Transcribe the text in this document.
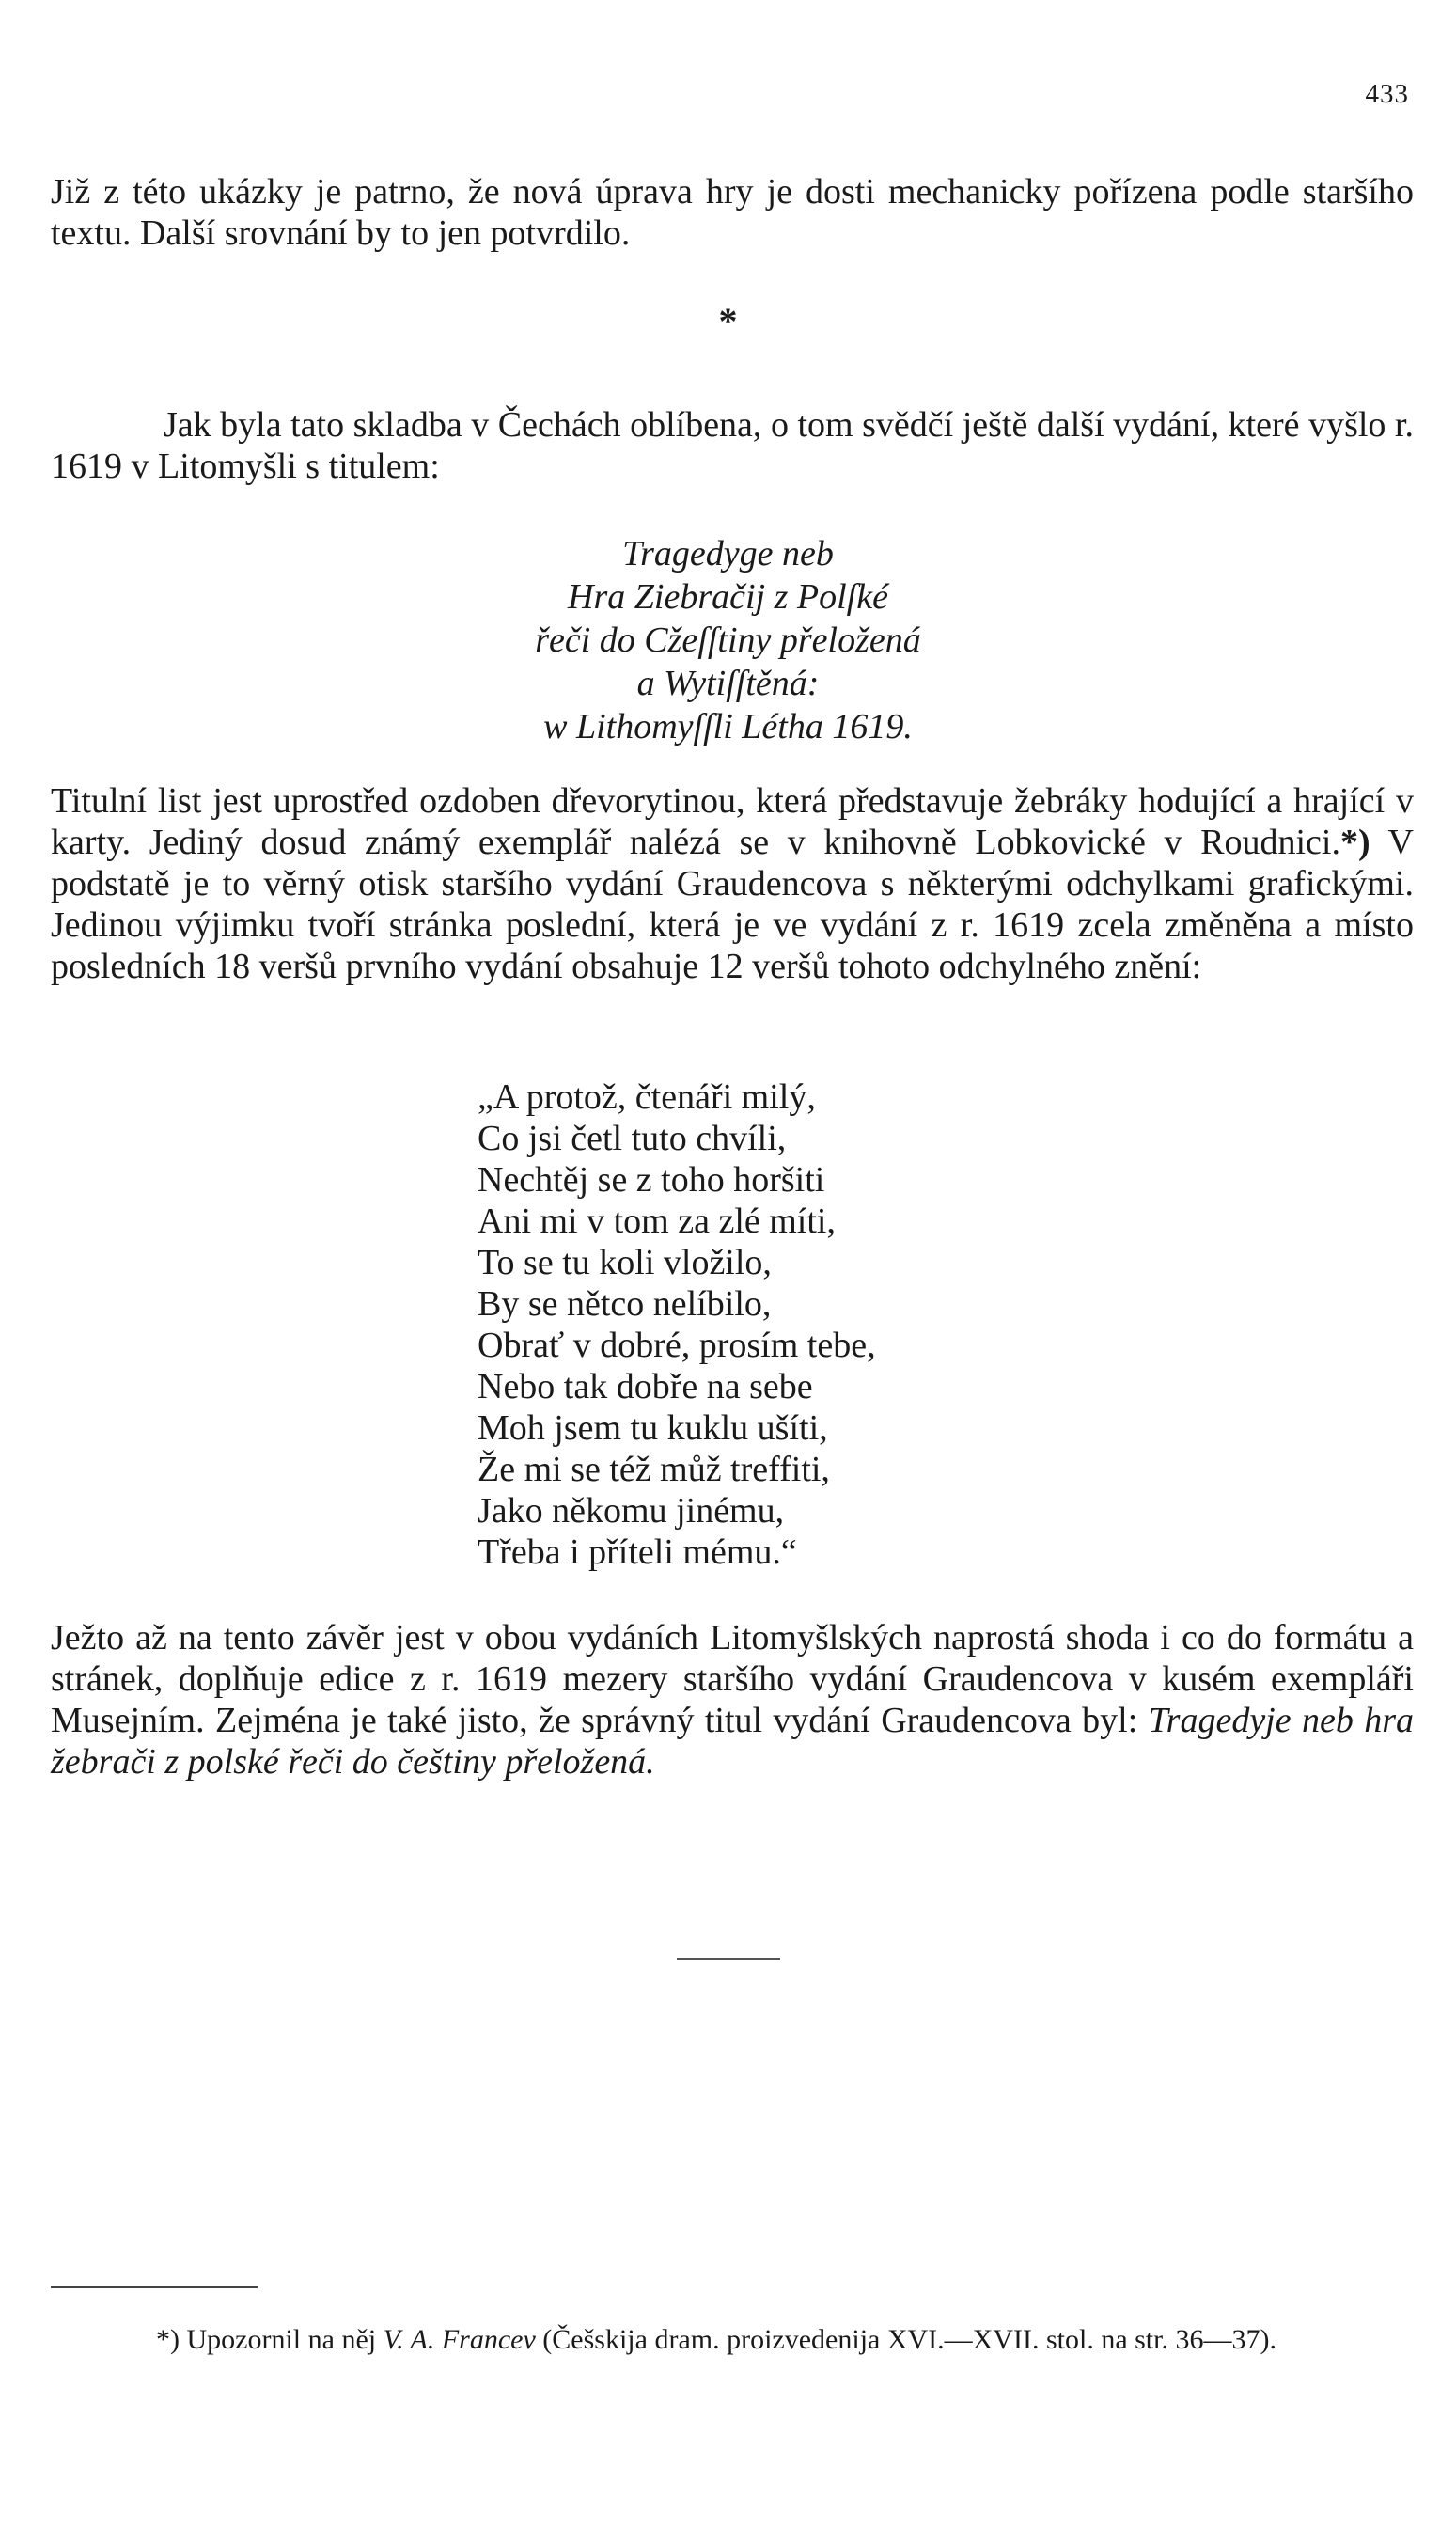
433

Již z této ukázky je patrno, že nová úprava hry je dosti mechanicky pořízena podle staršího textu. Další srovnání by to jen potvrdilo.

*

Jak byla tato skladba v Čechách oblíbena, o tom svědčí ještě další vydání, které vyšlo r. 1619 v Litomyšli s titulem:

Tragedyge neb
Hra Ziebračij z Polſké
řeči do Cžeſſtiny přeložená
a Wytiſſtěná:
w Lithomyſſli Létha 1619.

Titulní list jest uprostřed ozdoben dřevorytinou, která představuje žebráky hodující a hrající v karty. Jediný dosud známý exemplář nalézá se v knihovně Lobkovické v Roudnici.*) V podstatě je to věrný otisk staršího vydání Graudencova s některými odchylkami grafickými. Jedinou výjimku tvoří stránka poslední, která je ve vydání z r. 1619 zcela změněna a místo posledních 18 veršů prvního vydání obsahuje 12 veršů tohoto odchylného znění:

„A protož, čtenáři milý,
Co jsi četl tuto chvíli,
Nechtěj se z toho horšiti
Ani mi v tom za zlé míti,
To se tu koli vložilo,
By se nětco nelíbilo,
Obrať v dobré, prosím tebe,
Nebo tak dobře na sebe
Moh jsem tu kuklu ušíti,
Že mi se též můž treffiti,
Jako někomu jinému,
Třeba i příteli mému.“

Ježto až na tento závěr jest v obou vydáních Litomyšlských naprostá shoda i co do formátu a stránek, doplňuje edice z r. 1619 mezery staršího vydání Graudencova v kusém exempláři Musejním. Zejména je také jisto, že správný titul vydání Graudencova byl: Tragedyje neb hra žebrači z polské řeči do češtiny přeložená.

*) Upozornil na něj V. A. Francev (Češskija dram. proizvedenija XVI.—XVII. stol. na str. 36—37).
